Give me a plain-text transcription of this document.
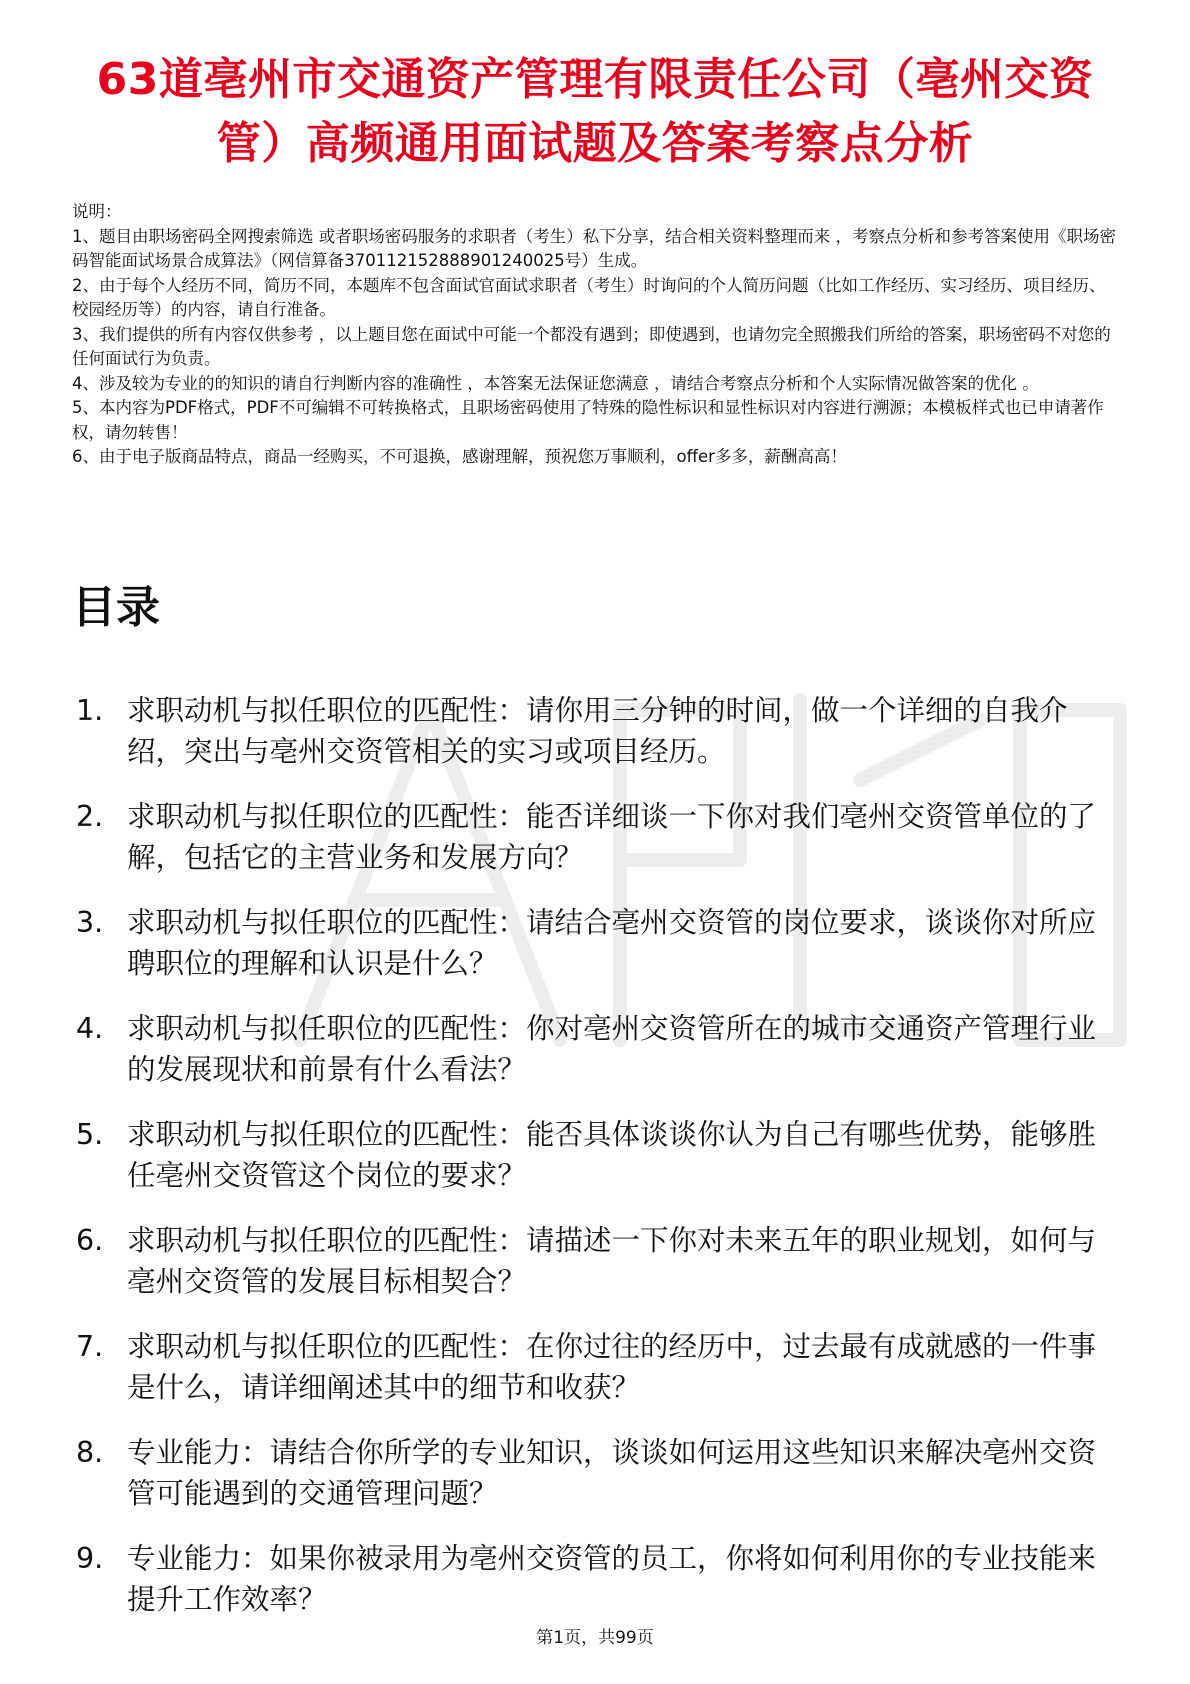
63道亳州市交通资产管理有限责任公司（亳州交资管）高频通用面试题及答案考察点分析

说明：

1、题目由职场密码全网搜索筛选 或者职场密码服务的求职者（考生）私下分享，结合相关资料整理而来 ，考察点分析和参考答案使用《职场密码智能面试场景合成算法》（网信算备370112152888901240025号）生成。

2、由于每个人经历不同，简历不同，本题库不包含面试官面试求职者（考生）时询问的个人简历问题（比如工作经历、实习经历、项目经历、校园经历等）的内容，请自行准备。

3、我们提供的所有内容仅供参考 ，以上题目您在面试中可能一个都没有遇到；即使遇到，也请勿完全照搬我们所给的答案，职场密码不对您的任何面试行为负责。

4、涉及较为专业的的知识的请自行判断内容的准确性 ，本答案无法保证您满意 ，请结合考察点分析和个人实际情况做答案的优化 。

5、本内容为PDF格式，PDF不可编辑不可转换格式，且职场密码使用了特殊的隐性标识和显性标识对内容进行溯源；本模板样式也已申请著作权，请勿转售！

6、由于电子版商品特点，商品一经购买，不可退换，感谢理解，预祝您万事顺利，offer多多，薪酬高高！

目录
1. 求职动机与拟任职位的匹配性：请你用三分钟的时间，做一个详细的自我介绍，突出与亳州交资管相关的实习或项目经历。
2. 求职动机与拟任职位的匹配性：能否详细谈一下你对我们亳州交资管单位的了解，包括它的主营业务和发展方向？
3. 求职动机与拟任职位的匹配性：请结合亳州交资管的岗位要求，谈谈你对所应聘职位的理解和认识是什么？
4. 求职动机与拟任职位的匹配性：你对亳州交资管所在的城市交通资产管理行业的发展现状和前景有什么看法？
5. 求职动机与拟任职位的匹配性：能否具体谈谈你认为自己有哪些优势，能够胜任亳州交资管这个岗位的要求？
6. 求职动机与拟任职位的匹配性：请描述一下你对未来五年的职业规划，如何与亳州交资管的发展目标相契合？
7. 求职动机与拟任职位的匹配性：在你过往的经历中，过去最有成就感的一件事是什么，请详细阐述其中的细节和收获？
8. 专业能力：请结合你所学的专业知识，谈谈如何运用这些知识来解决亳州交资管可能遇到的交通管理问题？
9. 专业能力：如果你被录用为亳州交资管的员工，你将如何利用你的专业技能来提升工作效率？
第1页，共99页
